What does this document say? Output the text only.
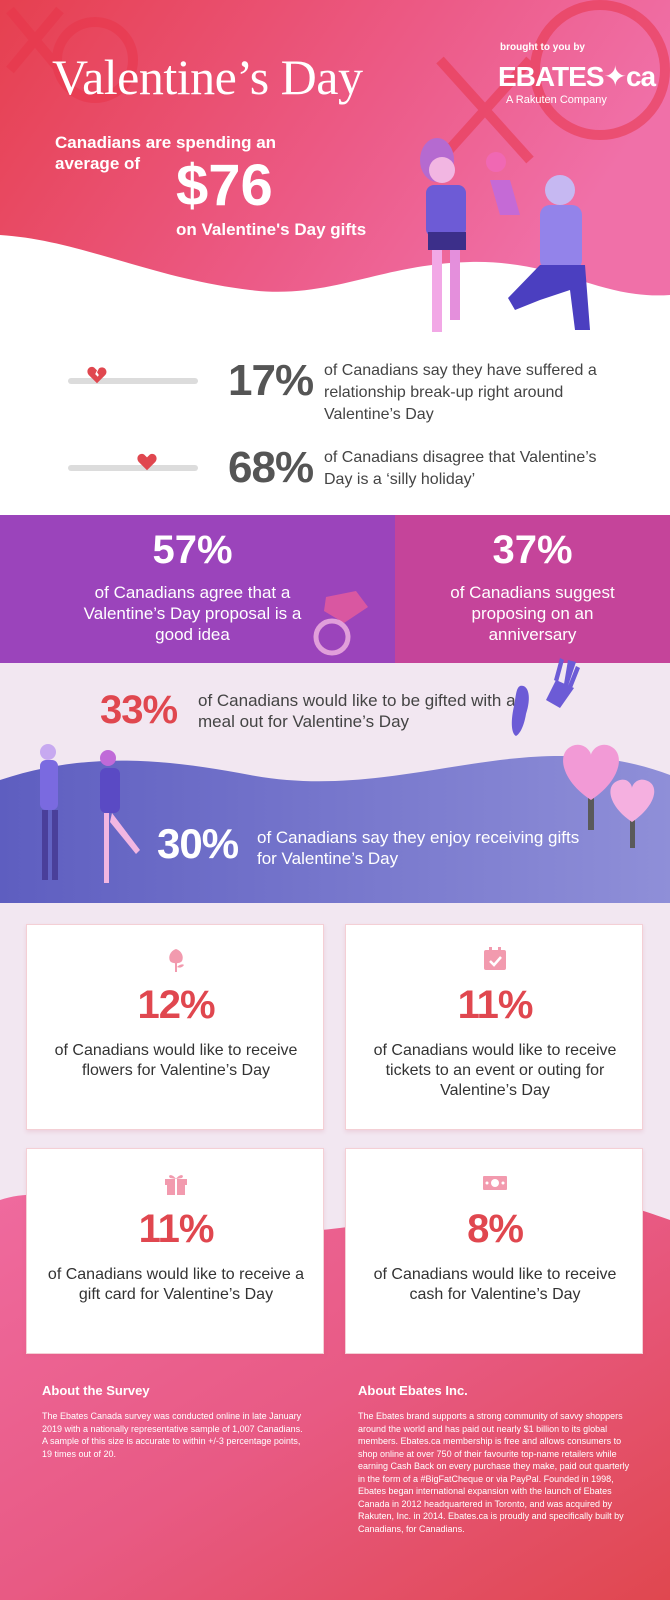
Valentine’s Day
brought to you by
EBATES✦ca
A Rakuten Company
Canadians are spending an average of $76
on Valentine's Day gifts
17% of Canadians say they have suffered a relationship break-up right around Valentine’s Day
68% of Canadians disagree that Valentine’s Day is a ‘silly holiday’
57%
of Canadians agree that a Valentine’s Day proposal is a good idea
37%
of Canadians suggest proposing on an anniversary
33% of Canadians would like to be gifted with a meal out for Valentine’s Day
30% of Canadians say they enjoy receiving gifts for Valentine’s Day
12%
of Canadians would like to receive flowers for Valentine’s Day
11%
of Canadians would like to receive tickets to an event or outing for Valentine’s Day
11%
of Canadians would like to receive a gift card for Valentine’s Day
8%
of Canadians would like to receive cash for Valentine’s Day
About the Survey
The Ebates Canada survey was conducted online in late January 2019 with a nationally representative sample of 1,007 Canadians. A sample of this size is accurate to within +/-3 percentage points, 19 times out of 20.
About Ebates Inc.
The Ebates brand supports a strong community of savvy shoppers around the world and has paid out nearly $1 billion to its global members. Ebates.ca membership is free and allows consumers to shop online at over 750 of their favourite top-name retailers while earning Cash Back on every purchase they make, paid out quarterly in the form of a #BigFatCheque or via PayPal. Founded in 1998, Ebates began international expansion with the launch of Ebates Canada in 2012 headquartered in Toronto, and was acquired by Rakuten, Inc. in 2014. Ebates.ca is proudly and specifically built by Canadians, for Canadians.
